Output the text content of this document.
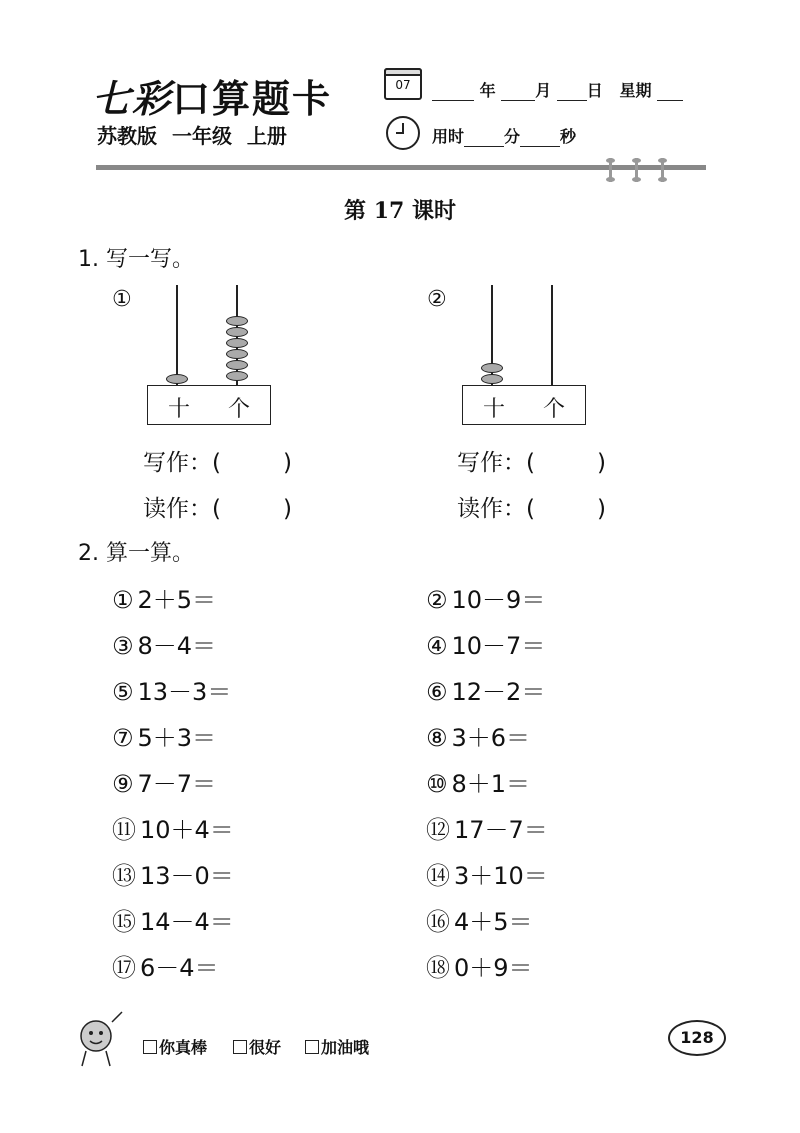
七彩口算题卡
苏教版 一年级 上册
07	年 月 日 星期
用时	分	秒
第 17 课时
1. 写一写。
①
十 个
写作：(	)
读作：(	)
②
十 个
写作：(	)
读作：(	)
2. 算一算。
① 2＋5＝	② 10－9＝
③ 8－4＝	④ 10－7＝
⑤ 13－3＝	⑥ 12－2＝
⑦ 5＋3＝	⑧ 3＋6＝
⑨ 7－7＝	⑩ 8＋1＝
⑪ 10＋4＝	⑫ 17－7＝
⑬ 13－0＝	⑭ 3＋10＝
⑮ 14－4＝	⑯ 4＋5＝
⑰ 6－4＝	⑱ 0＋9＝
你真棒	很好	加油哦
128
